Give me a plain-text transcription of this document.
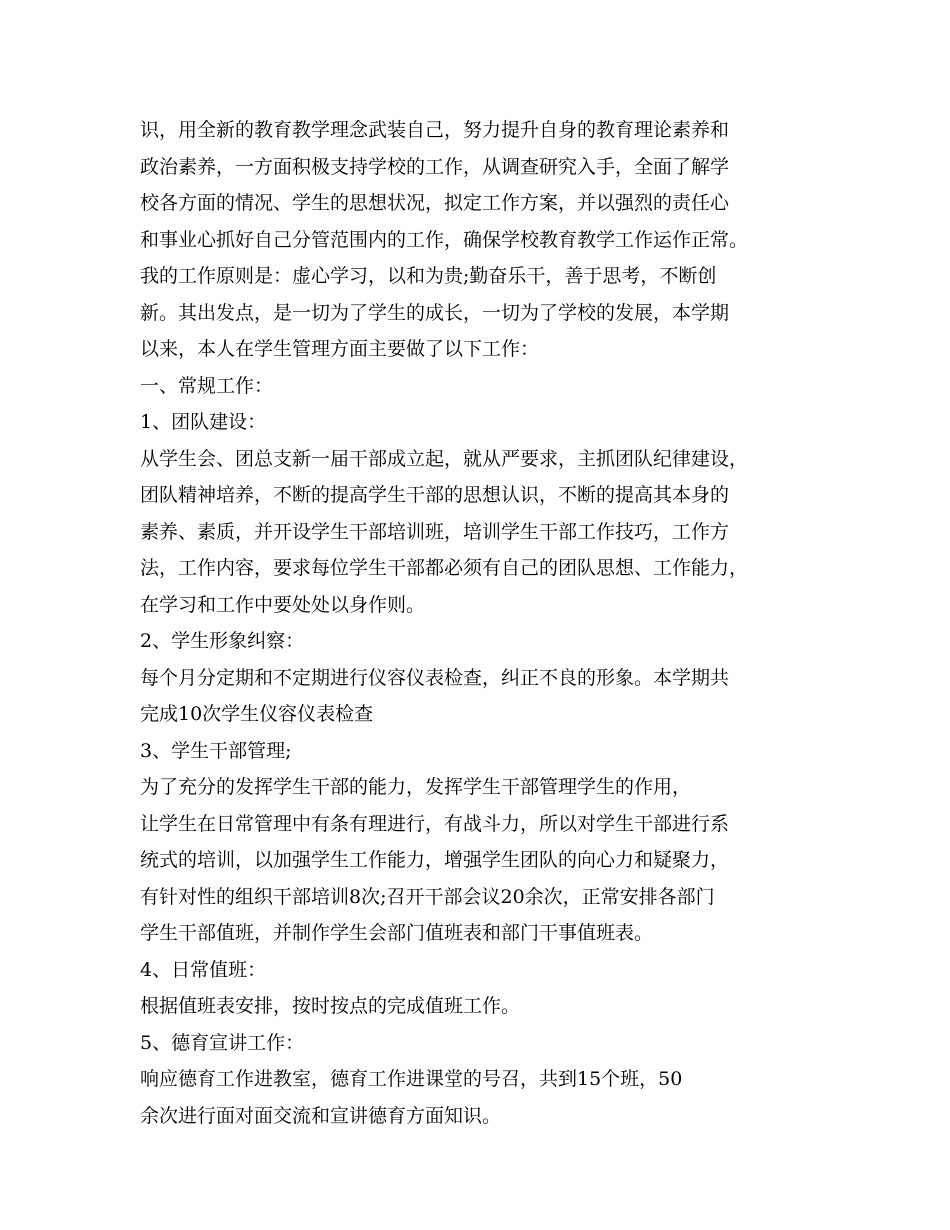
识，用全新的教育教学理念武装自己，努力提升自身的教育理论素养和
政治素养，一方面积极支持学校的工作，从调查研究入手，全面了解学
校各方面的情况、学生的思想状况，拟定工作方案，并以强烈的责任心
和事业心抓好自己分管范围内的工作，确保学校教育教学工作运作正常。
我的工作原则是：虚心学习，以和为贵;勤奋乐干，善于思考，不断创
新。其出发点，是一切为了学生的成长，一切为了学校的发展，本学期
以来，本人在学生管理方面主要做了以下工作：
一、常规工作：
1、团队建设：
从学生会、团总支新一届干部成立起，就从严要求，主抓团队纪律建设，
团队精神培养，不断的提高学生干部的思想认识，不断的提高其本身的
素养、素质，并开设学生干部培训班，培训学生干部工作技巧，工作方
法，工作内容，要求每位学生干部都必须有自己的团队思想、工作能力，
在学习和工作中要处处以身作则。
2、学生形象纠察：
每个月分定期和不定期进行仪容仪表检查，纠正不良的形象。本学期共
完成10次学生仪容仪表检查
3、学生干部管理;
为了充分的发挥学生干部的能力，发挥学生干部管理学生的作用，
让学生在日常管理中有条有理进行，有战斗力，所以对学生干部进行系
统式的培训，以加强学生工作能力，增强学生团队的向心力和疑聚力，
有针对性的组织干部培训8次;召开干部会议20余次，正常安排各部门
学生干部值班，并制作学生会部门值班表和部门干事值班表。
4、日常值班：
根据值班表安排，按时按点的完成值班工作。
5、德育宣讲工作：
响应德育工作进教室，德育工作进课堂的号召，共到15个班，50
余次进行面对面交流和宣讲德育方面知识。
